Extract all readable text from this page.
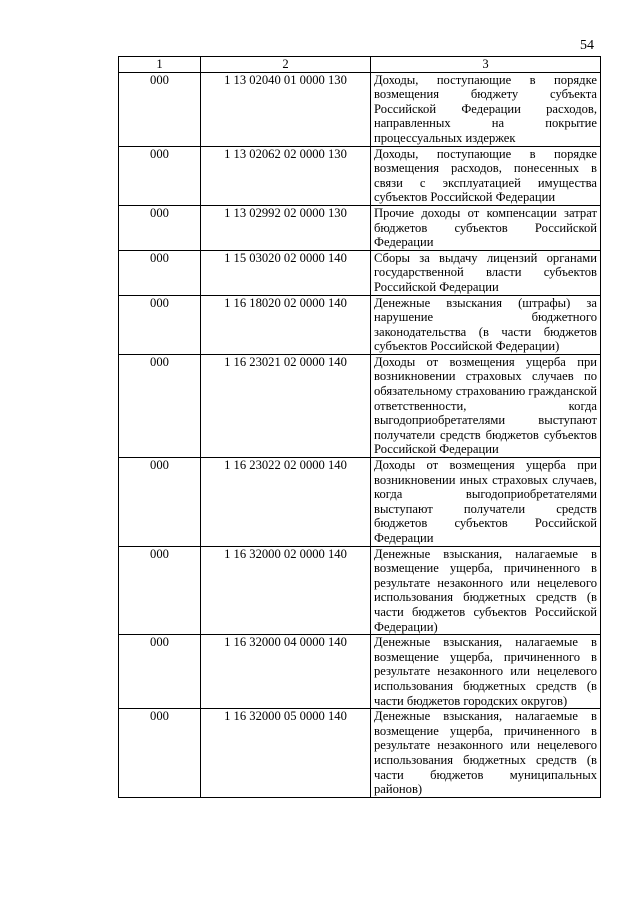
54
1	2	3
000	1 13 02040 01 0000 130	Доходы, поступающие в порядке возмещения бюджету субъекта Российской Федерации расходов, направленных на покрытие процессуальных издержек
000	1 13 02062 02 0000 130	Доходы, поступающие в порядке возмещения расходов, понесенных в связи с эксплуатацией имущества субъектов Российской Федерации
000	1 13 02992 02 0000 130	Прочие доходы от компенсации затрат бюджетов субъектов Российской Федерации
000	1 15 03020 02 0000 140	Сборы за выдачу лицензий органами государственной власти субъектов Российской Федерации
000	1 16 18020 02 0000 140	Денежные взыскания (штрафы) за нарушение бюджетного законодательства (в части бюджетов субъектов Российской Федерации)
000	1 16 23021 02 0000 140	Доходы от возмещения ущерба при возникновении страховых случаев по обязательному страхованию гражданской ответственности, когда выгодоприобретателями выступают получатели средств бюджетов субъектов Российской Федерации
000	1 16 23022 02 0000 140	Доходы от возмещения ущерба при возникновении иных страховых случаев, когда выгодоприобретателями выступают получатели средств бюджетов субъектов Российской Федерации
000	1 16 32000 02 0000 140	Денежные взыскания, налагаемые в возмещение ущерба, причиненного в результате незаконного или нецелевого использования бюджетных средств (в части бюджетов субъектов Российской Федерации)
000	1 16 32000 04 0000 140	Денежные взыскания, налагаемые в возмещение ущерба, причиненного в результате незаконного или нецелевого использования бюджетных средств (в части бюджетов городских округов)
000	1 16 32000 05 0000 140	Денежные взыскания, налагаемые в возмещение ущерба, причиненного в результате незаконного или нецелевого использования бюджетных средств (в части бюджетов муниципальных районов)
